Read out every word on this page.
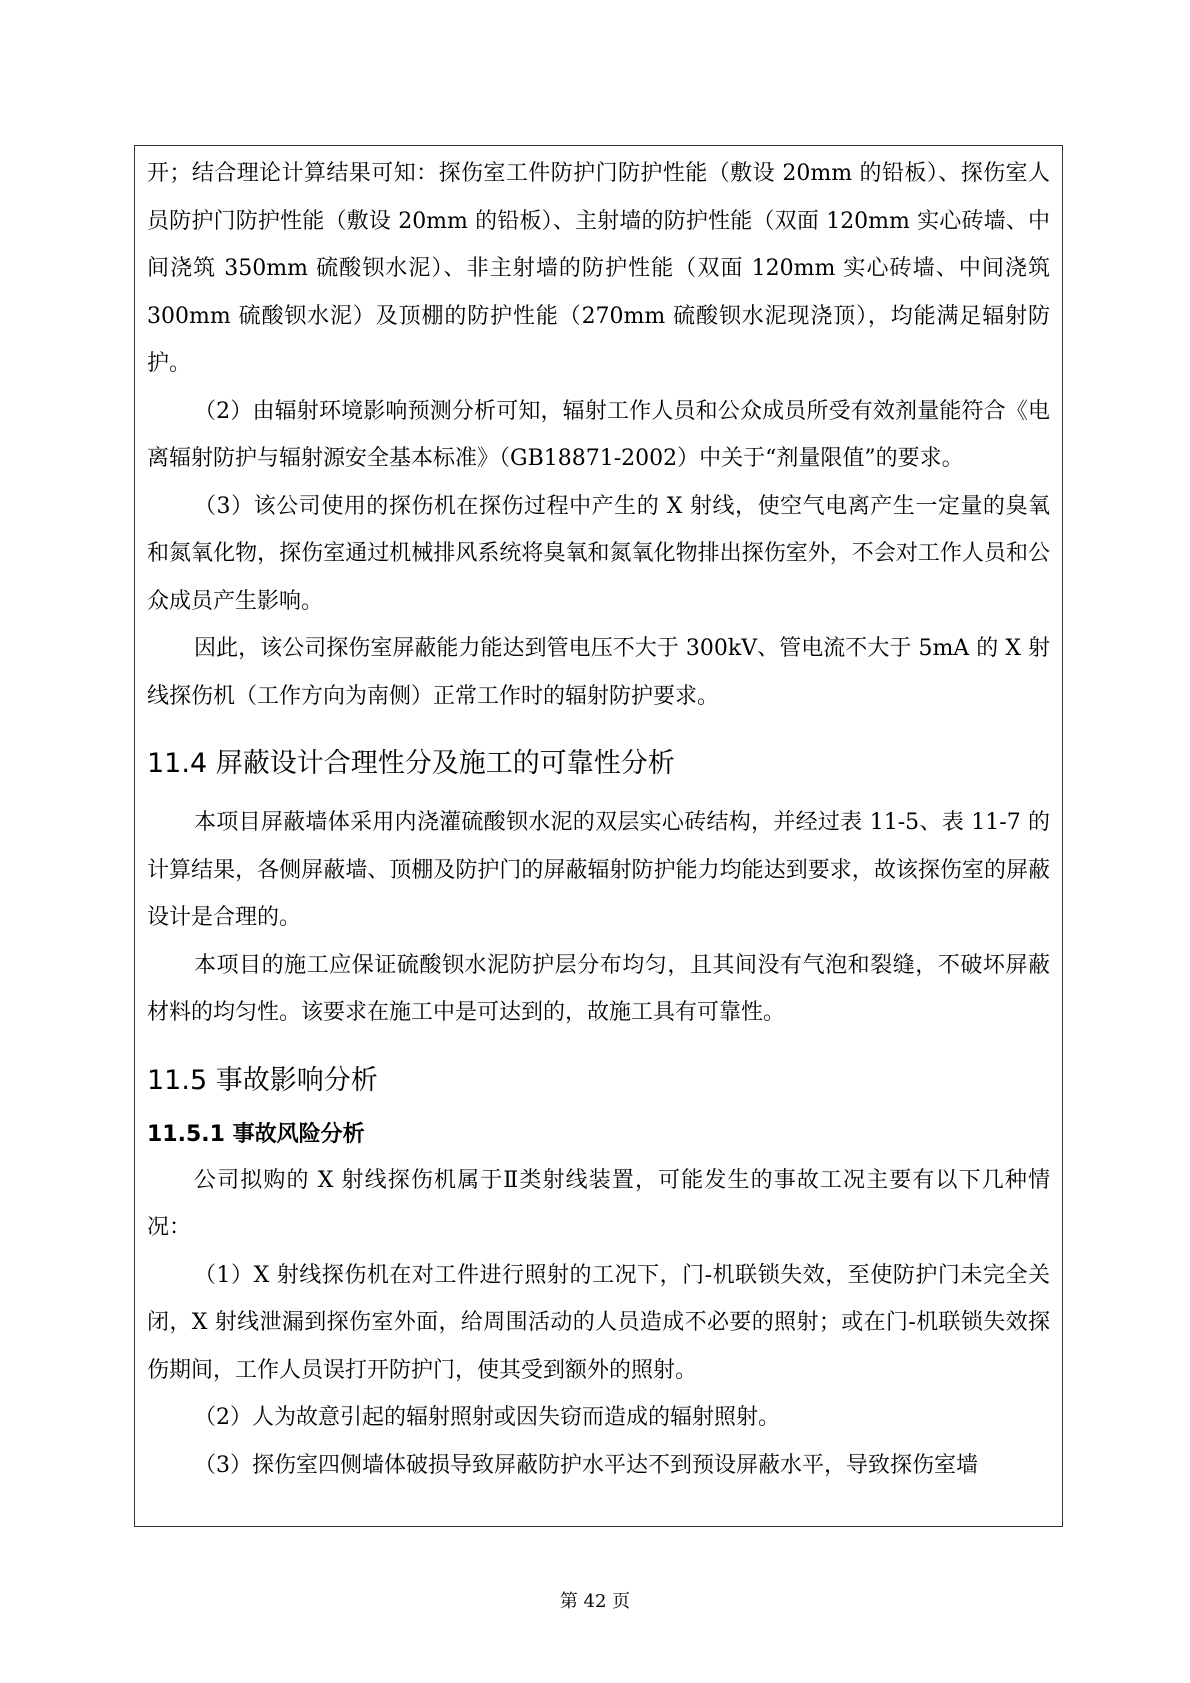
开；结合理论计算结果可知：探伤室工件防护门防护性能（敷设 20mm 的铅板）、探伤室人员防护门防护性能（敷设 20mm 的铅板）、主射墙的防护性能（双面 120mm 实心砖墙、中间浇筑 350mm 硫酸钡水泥）、非主射墙的防护性能（双面 120mm 实心砖墙、中间浇筑 300mm 硫酸钡水泥）及顶棚的防护性能（270mm 硫酸钡水泥现浇顶），均能满足辐射防护。

（2）由辐射环境影响预测分析可知，辐射工作人员和公众成员所受有效剂量能符合《电离辐射防护与辐射源安全基本标准》（GB18871-2002）中关于“剂量限值”的要求。

（3）该公司使用的探伤机在探伤过程中产生的 X 射线，使空气电离产生一定量的臭氧和氮氧化物，探伤室通过机械排风系统将臭氧和氮氧化物排出探伤室外，不会对工作人员和公众成员产生影响。

因此，该公司探伤室屏蔽能力能达到管电压不大于 300kV、管电流不大于 5mA 的 X 射线探伤机（工作方向为南侧）正常工作时的辐射防护要求。

11.4 屏蔽设计合理性分及施工的可靠性分析

本项目屏蔽墙体采用内浇灌硫酸钡水泥的双层实心砖结构，并经过表 11-5、表 11-7 的计算结果，各侧屏蔽墙、顶棚及防护门的屏蔽辐射防护能力均能达到要求，故该探伤室的屏蔽设计是合理的。

本项目的施工应保证硫酸钡水泥防护层分布均匀，且其间没有气泡和裂缝，不破坏屏蔽材料的均匀性。该要求在施工中是可达到的，故施工具有可靠性。

11.5 事故影响分析
11.5.1 事故风险分析

公司拟购的 X 射线探伤机属于Ⅱ类射线装置，可能发生的事故工况主要有以下几种情况：

（1）X 射线探伤机在对工件进行照射的工况下，门-机联锁失效，至使防护门未完全关闭，X 射线泄漏到探伤室外面，给周围活动的人员造成不必要的照射；或在门-机联锁失效探伤期间，工作人员误打开防护门，使其受到额外的照射。

（2）人为故意引起的辐射照射或因失窃而造成的辐射照射。

（3）探伤室四侧墙体破损导致屏蔽防护水平达不到预设屏蔽水平，导致探伤室墙

第 42 页
